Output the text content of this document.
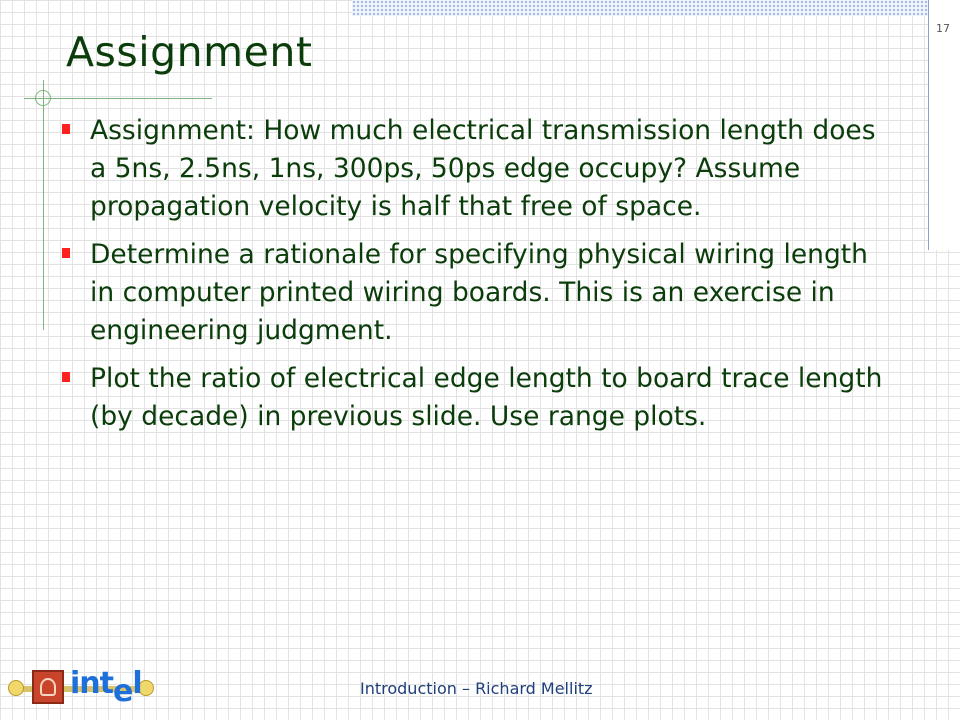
17
Assignment
Assignment: How much electrical transmission length does a 5ns, 2.5ns, 1ns, 300ps, 50ps edge occupy? Assume propagation velocity is half that free of space.
Determine a rationale for specifying physical wiring length in computer printed wiring boards. This is an exercise in engineering judgment.
Plot the ratio of electrical edge length to board trace length (by decade) in previous slide. Use range plots.
intel	Introduction – Richard Mellitz
